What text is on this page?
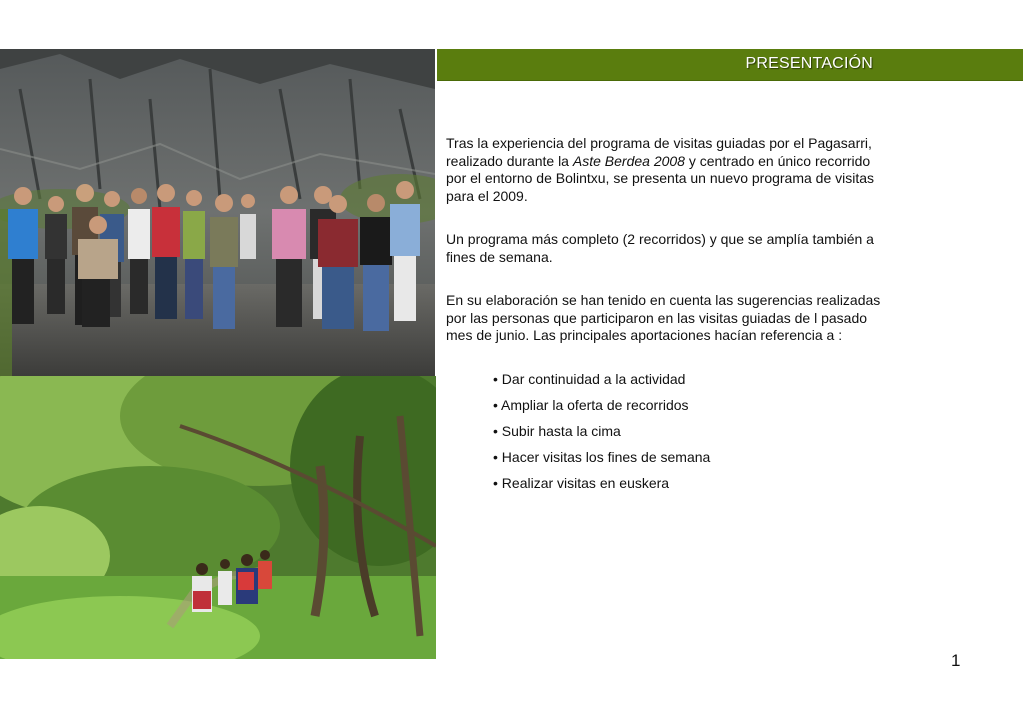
PRESENTACIÓN

Tras la experiencia del programa de visitas guiadas por el Pagasarri, realizado durante la Aste Berdea 2008 y centrado en único recorrido por el entorno de Bolintxu, se presenta un nuevo programa de visitas para el 2009.

Un programa más completo (2 recorridos) y que se amplía también a fines de semana.

En su elaboración se han tenido en cuenta las sugerencias realizadas por las personas que participaron en las visitas guiadas de l pasado mes de junio. Las principales aportaciones hacían referencia a :

• Dar continuidad a la actividad
• Ampliar la oferta de recorridos
• Subir hasta la cima
• Hacer visitas los fines de semana
• Realizar visitas en euskera
1
